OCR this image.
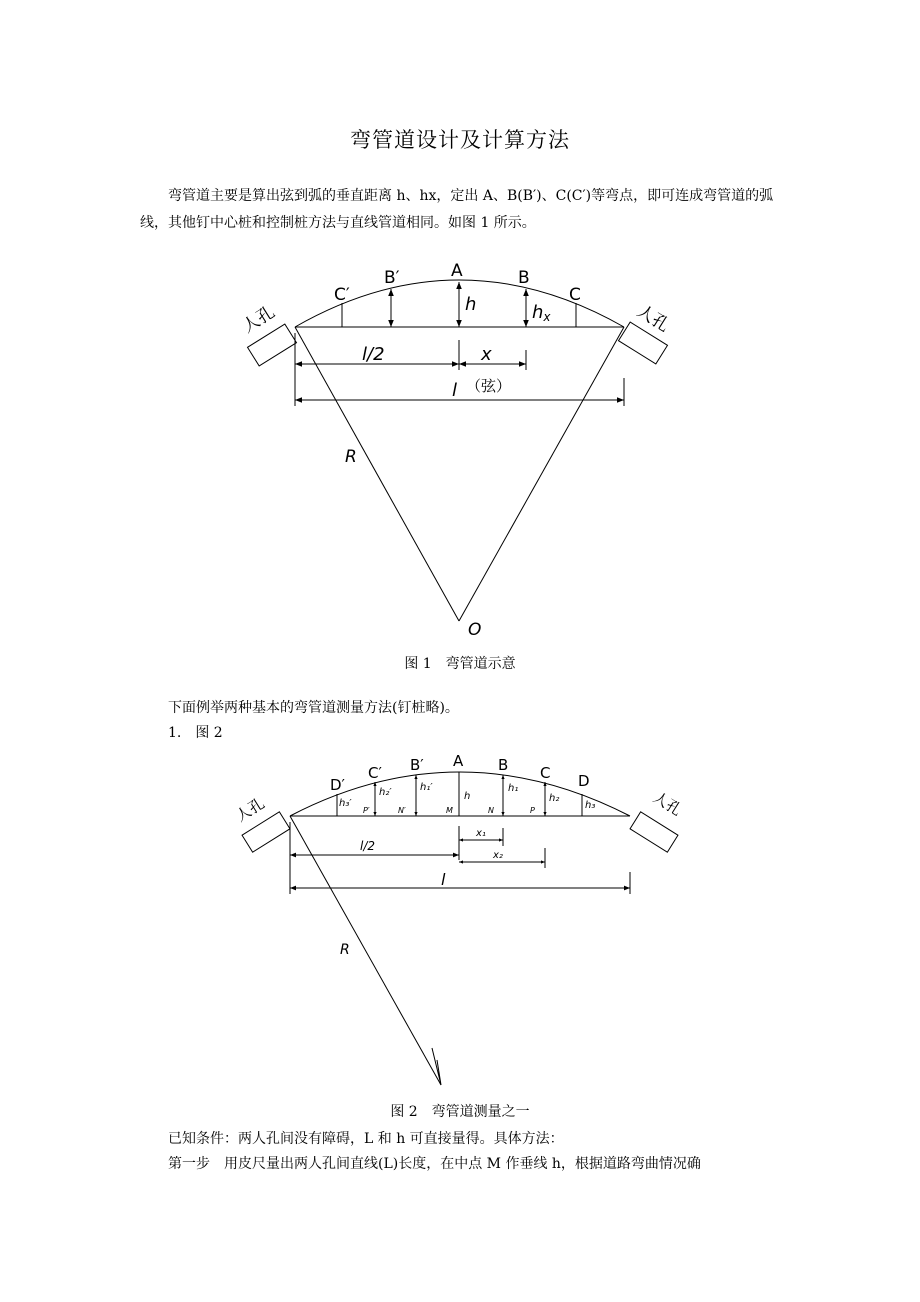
弯管道设计及计算方法

弯管道主要是算出弦到弧的垂直距离 h、hx，定出 A、B(B′)、C(C′)等弯点，即可连成弯管道的弧线，其他钉中心桩和控制桩方法与直线管道相同。如图 1 所示。

C′
B′	A	B
C
h	hx
人孔	人孔
l/2	x
l （弦）
R
O
图 1　弯管道示意
下面例举两种基本的弯管道测量方法(钉桩略)。
1.　图 2
D′
C′ B′ A B C D
h₃′
h₂′	h₁′
h
h₁
h₂
h₃
P′	N′	M	N	P
人孔	人孔
x₁
l/2
x₂
l
R
图 2　弯管道测量之一
已知条件：两人孔间没有障碍，L 和 h 可直接量得。具体方法：
第一步　用皮尺量出两人孔间直线(L)长度，在中点 M 作垂线 h，根据道路弯曲情况确
